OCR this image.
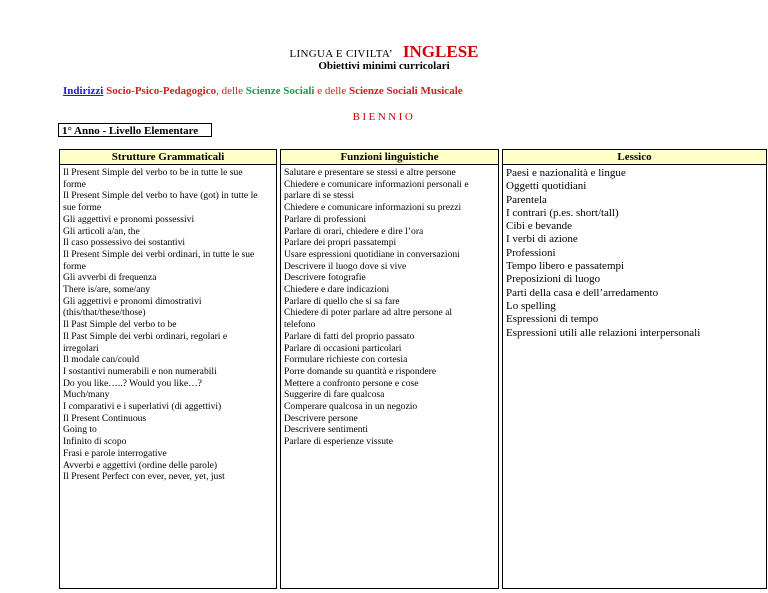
LINGUA E CIVILTA’ INGLESE
Obiettivi minimi curricolari
Indirizzi Socio-Psico-Pedagogico, delle Scienze Sociali e delle Scienze Sociali Musicale
BIENNIO
1° Anno - Livello Elementare
Strutture Grammaticali
Il Present Simple del verbo to be in tutte le sue
forme
Il Present Simple del verbo to have (got) in tutte le
sue forme
Gli aggettivi e pronomi possessivi
Gli articoli a/an, the
Il caso possessivo dei sostantivi
Il Present Simple dei verbi ordinari, in tutte le sue
forme
Gli avverbi di frequenza
There is/are, some/any
Gli aggettivi e pronomi dimostrativi
(this/that/these/those)
Il Past Simple del verbo to be
Il Past Simple dei verbi ordinari, regolari e
irregolari
Il modale can/could
I sostantivi numerabili e non numerabili
Do you like…..? Would you like…?
Much/many
I comparativi e i superlativi (di aggettivi)
Il Present Continuous
Going to
Infinito di scopo
Frasi e parole interrogative
Avverbi e aggettivi (ordine delle parole)
Il Present Perfect con ever, never, yet, just
Funzioni linguistiche
Salutare e presentare se stessi e altre persone
Chiedere e comunicare informazioni personali e
parlare di se stessi
Chiedere e comunicare informazioni su prezzi
Parlare di professioni
Parlare di orari, chiedere e dire l’ora
Parlare dei propri passatempi
Usare espressioni quotidiane in conversazioni
Descrivere il luogo dove si vive
Descrivere fotografie
Chiedere e dare indicazioni
Parlare di quello che si sa fare
Chiedere di poter parlare ad altre persone al
telefono
Parlare di fatti del proprio passato
Parlare di occasioni particolari
Formulare richieste con cortesia
Porre domande su quantità e rispondere
Mettere a confronto persone e cose
Suggerire di fare qualcosa
Comperare qualcosa in un negozio
Descrivere persone
Descrivere sentimenti
Parlare di esperienze vissute
Lessico
Paesi e nazionalità e lingue
Oggetti quotidiani
Parentela
I contrari (p.es. short/tall)
Cibi e bevande
I verbi di azione
Professioni
Tempo libero e passatempi
Preposizioni di luogo
Parti della casa e dell’arredamento
Lo spelling
Espressioni di tempo
Espressioni utili alle relazioni interpersonali
